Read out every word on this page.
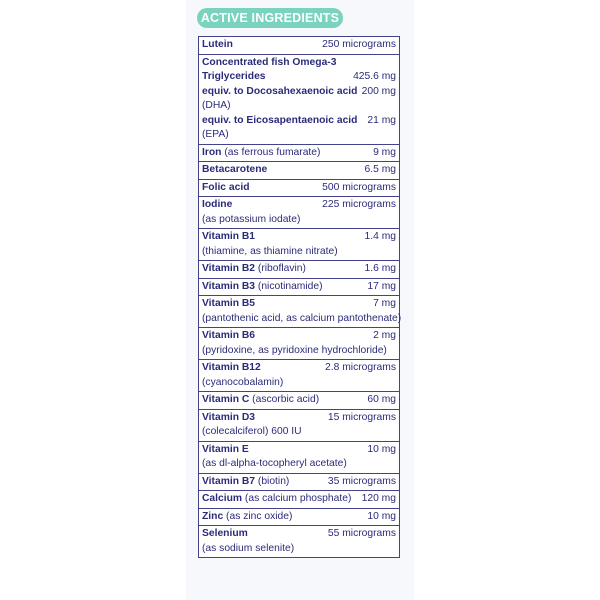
ACTIVE INGREDIENTS
Lutein	250 micrograms
Concentrated fish Omega-3
Triglycerides	425.6 mg
equiv. to Docosahexaenoic acid 200 mg
(DHA)
equiv. to Eicosapentaenoic acid 21 mg
(EPA)
Iron (as ferrous fumarate)	9 mg
Betacarotene	6.5 mg
Folic acid	500 micrograms
Iodine	225 micrograms
(as potassium iodate)
Vitamin B1	1.4 mg
(thiamine, as thiamine nitrate)
Vitamin B2 (riboflavin)	1.6 mg
Vitamin B3 (nicotinamide)	17 mg
Vitamin B5	7 mg
(pantothenic acid, as calcium pantothenate)
Vitamin B6	2 mg
(pyridoxine, as pyridoxine hydrochloride)
Vitamin B12	2.8 micrograms
(cyanocobalamin)
Vitamin C (ascorbic acid)	60 mg
Vitamin D3	15 micrograms
(colecalciferol) 600 IU
Vitamin E	10 mg
(as dl-alpha-tocopheryl acetate)
Vitamin B7 (biotin)	35 micrograms
Calcium (as calcium phosphate) 120 mg
Zinc (as zinc oxide)	10 mg
Selenium	55 micrograms
(as sodium selenite)
